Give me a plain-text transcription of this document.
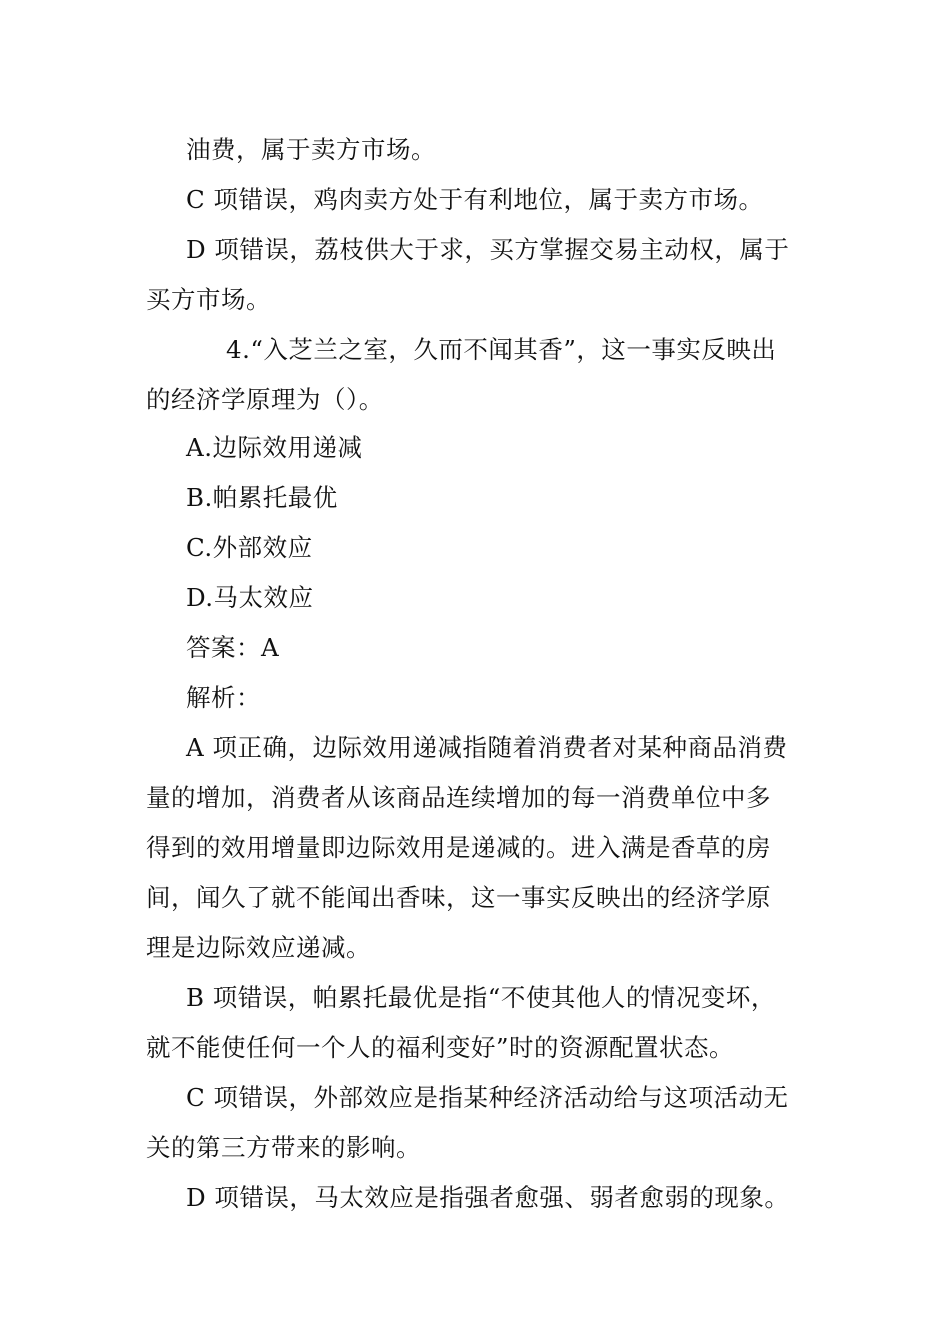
油费，属于卖方市场。
C 项错误，鸡肉卖方处于有利地位，属于卖方市场。
D 项错误，荔枝供大于求，买方掌握交易主动权，属于
买方市场。
4.“入芝兰之室，久而不闻其香”，这一事实反映出
的经济学原理为（）。
A.边际效用递减
B.帕累托最优
C.外部效应
D.马太效应
答案：A
解析：
A 项正确，边际效用递减指随着消费者对某种商品消费
量的增加，消费者从该商品连续增加的每一消费单位中多
得到的效用增量即边际效用是递减的。进入满是香草的房
间，闻久了就不能闻出香味，这一事实反映出的经济学原
理是边际效应递减。
B 项错误，帕累托最优是指“不使其他人的情况变坏，
就不能使任何一个人的福利变好”时的资源配置状态。
C 项错误，外部效应是指某种经济活动给与这项活动无
关的第三方带来的影响。
D 项错误，马太效应是指强者愈强、弱者愈弱的现象。
